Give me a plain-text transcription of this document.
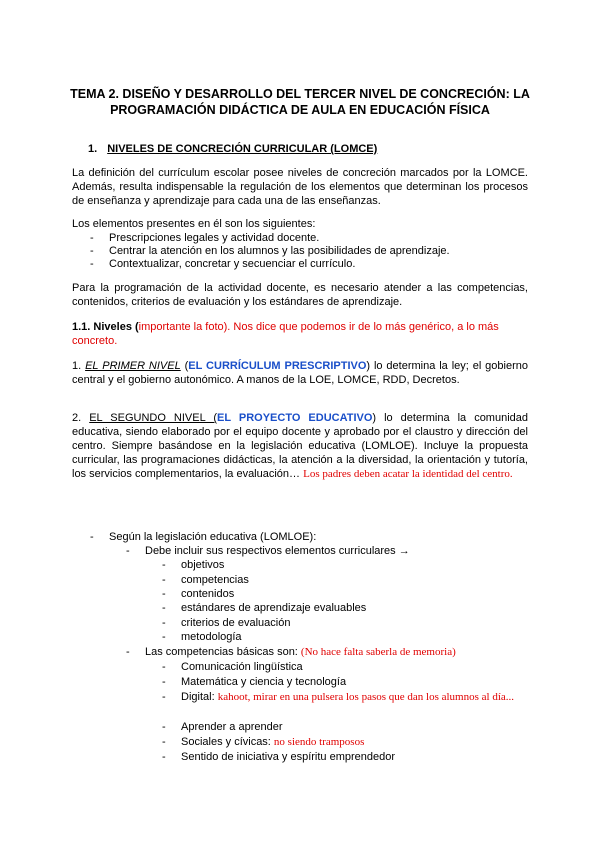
TEMA 2. DISEÑO Y DESARROLLO DEL TERCER NIVEL DE CONCRECIÓN: LA
PROGRAMACIÓN DIDÁCTICA DE AULA EN EDUCACIÓN FÍSICA
1. NIVELES DE CONCRECIÓN CURRICULAR (LOMCE)

La definición del currículum escolar posee niveles de concreción marcados por la LOMCE. Además, resulta indispensable la regulación de los elementos que determinan los procesos de enseñanza y aprendizaje para cada una de las enseñanzas.

Los elementos presentes en él son los siguientes:

- Prescripciones legales y actividad docente.
- Centrar la atención en los alumnos y las posibilidades de aprendizaje.
- Contextualizar, concretar y secuenciar el currículo.

Para la programación de la actividad docente, es necesario atender a las competencias, contenidos, criterios de evaluación y los estándares de aprendizaje.

1.1. Niveles (importante la foto). Nos dice que podemos ir de lo más genérico, a lo más concreto.

1. EL PRIMER NIVEL (EL CURRÍCULUM PRESCRIPTIVO) lo determina la ley; el gobierno central y el gobierno autonómico. A manos de la LOE, LOMCE, RDD, Decretos.

2. EL SEGUNDO NIVEL (EL PROYECTO EDUCATIVO) lo determina la comunidad educativa, siendo elaborado por el equipo docente y aprobado por el claustro y dirección del centro. Siempre basándose en la legislación educativa (LOMLOE). Incluye la propuesta curricular, las programaciones didácticas, la atención a la diversidad, la orientación y tutoría, los servicios complementarios, la evaluación… Los padres deben acatar la identidad del centro.

- Según la legislación educativa (LOMLOE):
- Debe incluir sus respectivos elementos curriculares →
- objetivos
- competencias
- contenidos
- estándares de aprendizaje evaluables
- criterios de evaluación
- metodología
- Las competencias básicas son: (No hace falta saberla de memoria)
- Comunicación lingüística
- Matemática y ciencia y tecnología
-	Digital: kahoot, mirar en una pulsera los pasos que dan los alumnos al día...
- Aprender a aprender
- Sociales y cívicas: no siendo tramposos
- Sentido de iniciativa y espíritu emprendedor
